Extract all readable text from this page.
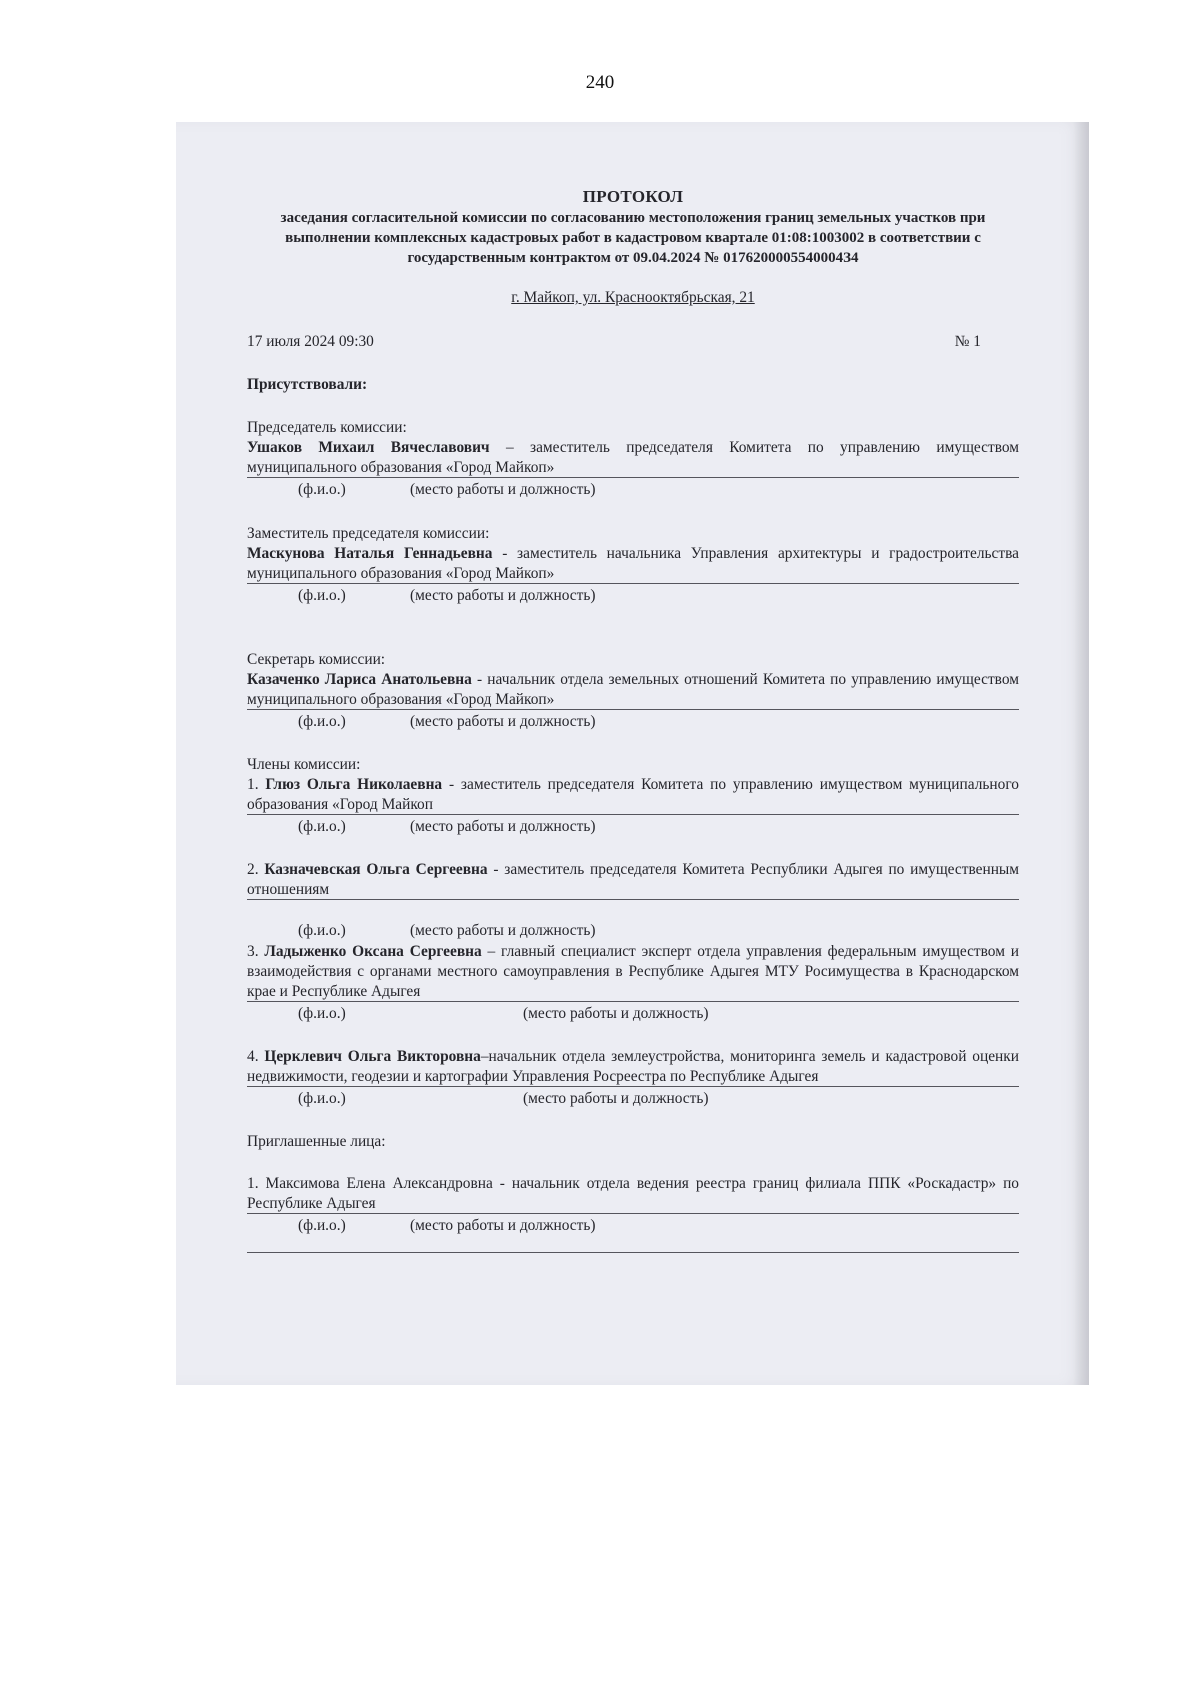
240
ПРОТОКОЛ
заседания согласительной комиссии по согласованию местоположения границ земельных участков при выполнении комплексных кадастровых работ в кадастровом квартале 01:08:1003002 в соответствии с государственным контрактом от 09.04.2024 № 0176200005540004З4
г. Майкоп, ул. Краснооктябрьская, 21
17 июля 2024 09:30	№ 1
Присутствовали:
Председатель комиссии:
Ушаков Михаил Вячеславович – заместитель председателя Комитета по управлению имуществом муниципального образования «Город Майкоп»
(ф.и.о.)	(место работы и должность)
Заместитель председателя комиссии:
Маскунова Наталья Геннадьевна - заместитель начальника Управления архитектуры и градостроительства муниципального образования «Город Майкоп»
(ф.и.о.)	(место работы и должность)
Секретарь комиссии:
Казаченко Лариса Анатольевна - начальник отдела земельных отношений Комитета по управлению имуществом муниципального образования «Город Майкоп»
(ф.и.о.)	(место работы и должность)
Члены комиссии:
1. Глюз Ольга Николаевна - заместитель председателя Комитета по управлению имуществом муниципального образования «Город Майкоп
(ф.и.о.)	(место работы и должность)
2. Казначевская Ольга Сергеевна - заместитель председателя Комитета Республики Адыгея по имущественным отношениям
(ф.и.о.)	(место работы и должность)
3. Ладыженко Оксана Сергеевна – главный специалист эксперт отдела управления федеральным имуществом и взаимодействия с органами местного самоуправления в Республике Адыгея МТУ Росимущества в Краснодарском крае и Республике Адыгея
(ф.и.о.)	(место работы и должность)
4. Церклевич Ольга Викторовна–начальник отдела землеустройства, мониторинга земель и кадастровой оценки недвижимости, геодезии и картографии Управления Росреестра по Республике Адыгея
(ф.и.о.)	(место работы и должность)
Приглашенные лица:
1. Максимова Елена Александровна - начальник отдела ведения реестра границ филиала ППК «Роскадастр» по Республике Адыгея
(ф.и.о.)	(место работы и должность)
